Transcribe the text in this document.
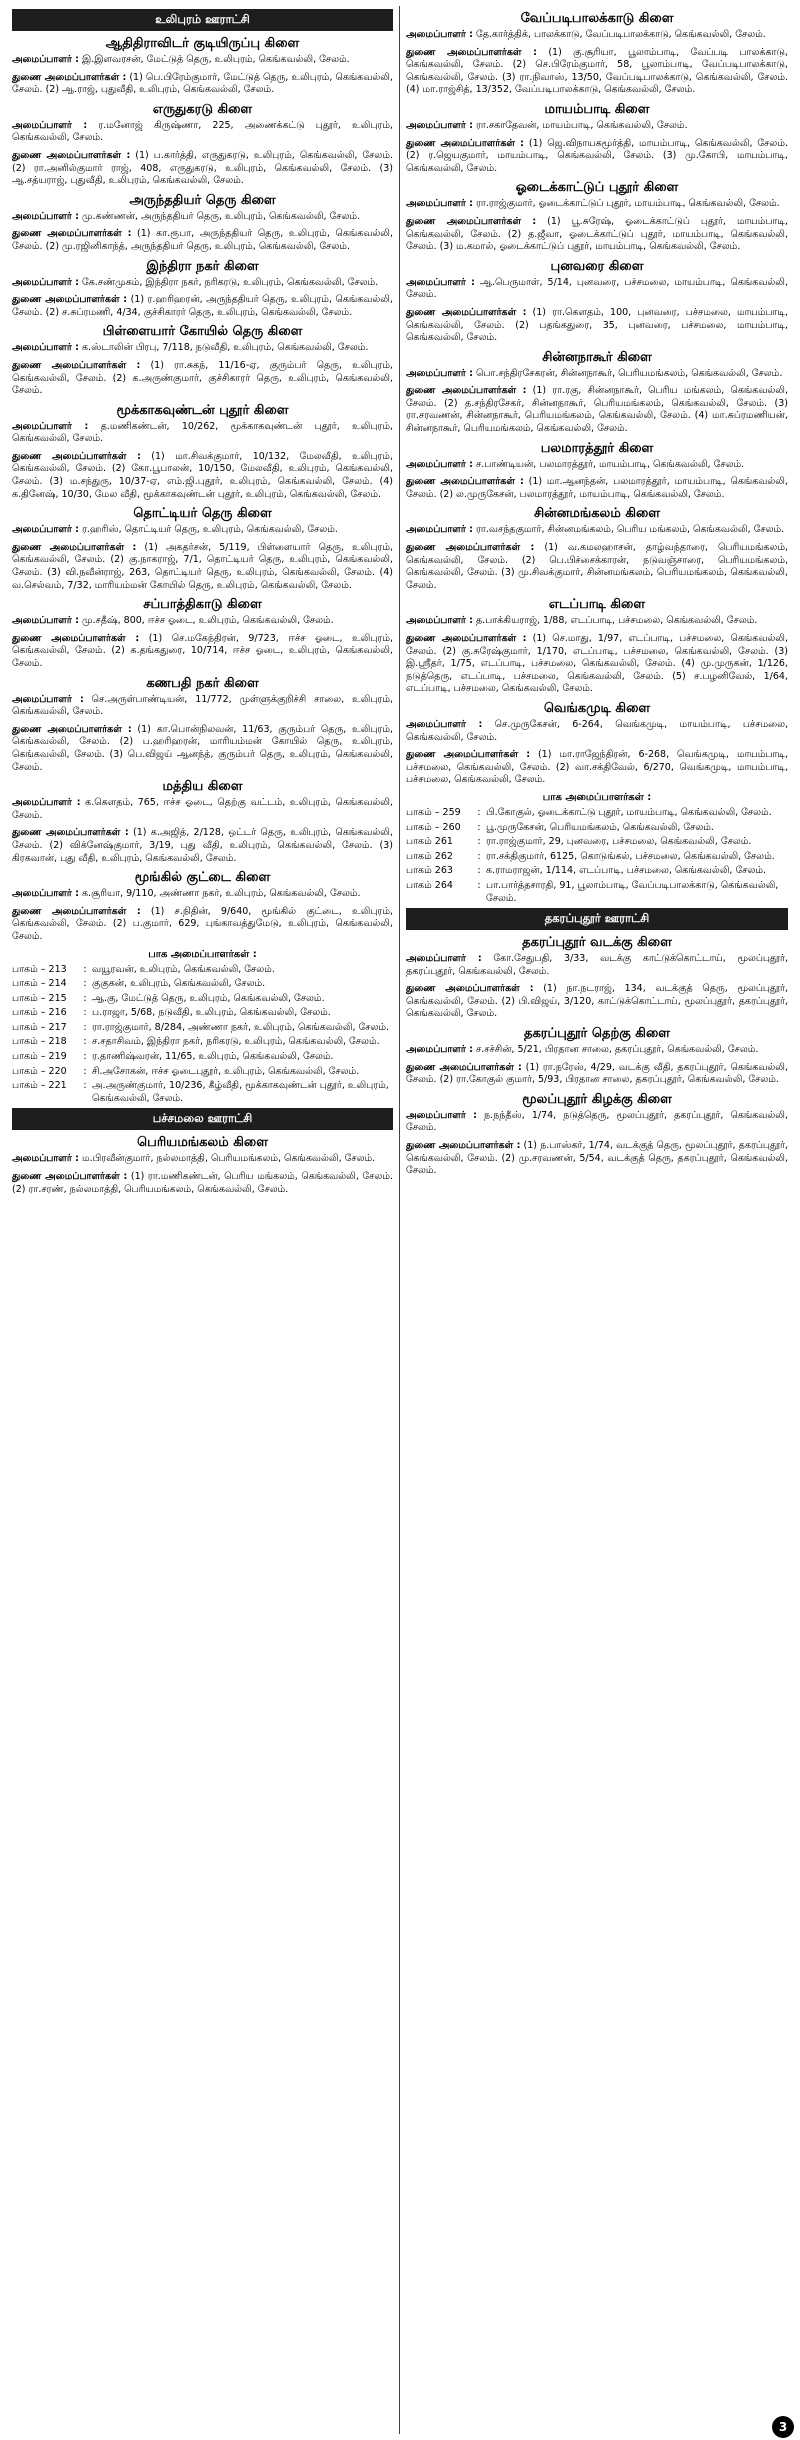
உலிபுரம் ஊராட்சி
ஆதிதிராவிடர் குடியிருப்பு கிளை

அமைப்பாளர் : இ.இளவரசன், மேட்டுத் தெரு, உலிபுரம், கெங்கவல்லி, சேலம்.

துணை அமைப்பாளர்கள் : (1) பெ.பிரேம்குமார், மேட்டுத் தெரு, உலிபுரம், கெங்கவல்லி, சேலம். (2) ஆ.ராஜ், புதுவீதி, உலிபுரம், கெங்கவல்லி, சேலம்.

எருதுகரடு கிளை

அமைப்பாளர் : ர.மனோஜ் கிருஷ்ணா, 225, அணைக்கட்டு புதூர், உலிபுரம், கெங்கவல்லி, சேலம்.

துணை அமைப்பாளர்கள் : (1) ப.கார்த்தி, எருதுகரடு, உலிபுரம், கெங்கவல்லி, சேலம். (2) ரா.அனில்குமார் ராஜ், 408, எருதுகரடு, உலிபுரம், கெங்கவல்லி, சேலம். (3) ஆ.சத்யராஜ், புதுவீதி, உலிபுரம், கெங்கவல்லி, சேலம்.

அருந்ததியர் தெரு கிளை

அமைப்பாளர் : மு.கண்ணன், அருந்ததியர் தெரு, உலிபுரம், கெங்கவல்லி, சேலம்.

துணை அமைப்பாளர்கள் : (1) கா.ரூபா, அருந்ததியர் தெரு, உலிபுரம், கெங்கவல்லி, சேலம். (2) மு.ரஜினிகாந்த், அருந்ததியர் தெரு, உலிபுரம், கெங்கவல்லி, சேலம்.

இந்திரா நகர் கிளை

அமைப்பாளர் : கே.சண்முகம், இந்திரா நகர், நரிகரடு, உலிபுரம், கெங்கவல்லி, சேலம்.

துணை அமைப்பாளர்கள் : (1) ர.ஹரிஹரன், அருந்ததியர் தெரு, உலிபுரம், கெங்கவல்லி, சேலம். (2) ச.சுப்ரமணி, 4/34, குச்சிகாரர் தெரு, உலிபுரம், கெங்கவல்லி, சேலம்.

பிள்ளையார் கோயில் தெரு கிளை

அமைப்பாளர் : க.ஸ்டாலின் பிரபு, 7/118, நடுவீதி, உலிபுரம், கெங்கவல்லி, சேலம்.

துணை அமைப்பாளர்கள் : (1) ரா.சுகந், 11/16-ஏ, குரும்பர் தெரு, உலிபுரம், கெங்கவல்லி, சேலம். (2) க.அருண்குமார், குச்சிகாரர் தெரு, உலிபுரம், கெங்கவல்லி, சேலம்.

மூக்காகவுண்டன் புதூர் கிளை

அமைப்பாளர் : த.மணிகண்டன், 10/262, மூக்காகவுண்டன் புதூர், உலிபுரம், கெங்கவல்லி, சேலம்.

துணை அமைப்பாளர்கள் : (1) மா.சிவக்குமார், 10/132, மேலவீதி, உலிபுரம், கெங்கவல்லி, சேலம். (2) கோ.பூபாலன், 10/150, மேலவீதி, உலிபுரம், கெங்கவல்லி, சேலம். (3) ம.சந்துரு, 10/37-ஏ, எம்.ஜி.புதூர், உலிபுரம், கெங்கவல்லி, சேலம். (4) க.தினேஷ், 10/30, மேல வீதி, மூக்காகவுண்டன் புதூர், உலிபுரம், கெங்கவல்லி, சேலம்.

தொட்டியர் தெரு கிளை

அமைப்பாளர் : ர.ஹரிஸ், தொட்டியர் தெரு, உலிபுரம், கெங்கவல்லி, சேலம்.

துணை அமைப்பாளர்கள் : (1) அகதர்சன், 5/119, பிள்ளையார் தெரு, உலிபுரம், கெங்கவல்லி, சேலம். (2) கு.நாகராஜ், 7/1, தொட்டியர் தெரு, உலிபுரம், கெங்கவல்லி, சேலம். (3) வி.நவீன்ராஜ், 263, தொட்டியர் தெரு, உலிபுரம், கெங்கவல்லி, சேலம். (4) வ.செல்வம், 7/32, மாரியம்மன் கோயில் தெரு, உலிபுரம், கெங்கவல்லி, சேலம்.

சப்பாத்திகாடு கிளை

அமைப்பாளர் : மு.சதீஷ், 800, ஈச்ச ஓடை, உலிபுரம், கெங்கவல்லி, சேலம்.

துணை அமைப்பாளர்கள் : (1) செ.மகேந்திரன், 9/723, ஈச்ச ஓடை, உலிபுரம், கெங்கவல்லி, சேலம். (2) க.தங்கதுரை, 10/714, ஈச்ச ஓடை, உலிபுரம், கெங்கவல்லி, சேலம்.

கணபதி நகர் கிளை

அமைப்பாளர் : செ.அருள்பாண்டியன், 11/772, முள்ளுக்குறிச்சி சாலை, உலிபுரம், கெங்கவல்லி, சேலம்.

துணை அமைப்பாளர்கள் : (1) கா.பொன்நிலவன், 11/63, குரும்பர் தெரு, உலிபுரம், கெங்கவல்லி, சேலம். (2) ப.ஹரிஹரன், மாரியம்மன் கோயில் தெரு, உலிபுரம், கெங்கவல்லி, சேலம். (3) பெ.விஜய் ஆனந்த், குரும்பர் தெரு, உலிபுரம், கெங்கவல்லி, சேலம்.

மத்திய கிளை

அமைப்பாளர் : க.கௌதம், 765, ஈச்ச ஓடை, தெற்கு வட்டம், உலிபுரம், கெங்கவல்லி, சேலம்.

துணை அமைப்பாளர்கள் : (1) க.அஜித், 2/128, ஒட்டர் தெரு, உலிபுரம், கெங்கவல்லி, சேலம். (2) விக்னேஷ்குமார், 3/19, புது வீதி, உலிபுரம், கெங்கவல்லி, சேலம். (3) கிரகவான், புது வீதி, உலிபுரம், கெங்கவல்லி, சேலம்.

மூங்கில் குட்டை கிளை

அமைப்பாளர் : க.சூரியா, 9/110, அண்ணா நகர், உலிபுரம், கெங்கவல்லி, சேலம்.

துணை அமைப்பாளர்கள் : (1) ச.நிதின், 9/640, மூங்கில் குட்டை, உலிபுரம், கெங்கவல்லி, சேலம். (2) ப.குமார், 629, புங்காவத்துமேடு, உலிபுரம், கெங்கவல்லி, சேலம்.

பாக அமைப்பாளர்கள் :
பாகம் – 213	: வயூரவன், உலிபுரம், கெங்கவல்லி, சேலம்.
பாகம் – 214	: குகுகன், உலிபுரம், கெங்கவல்லி, சேலம்.
பாகம் – 215	: ஆ.கு, மேட்டுத் தெரு, உலிபுரம், கெங்கவல்லி, சேலம்.
பாகம் – 216	: ப.ராஜா, 5/68, நடுவீதி, உலிபுரம், கெங்கவல்லி, சேலம்.
பாகம் – 217	: ரா.ராஜ்குமார், 8/284, அண்ணா நகர், உலிபுரம், கெங்கவல்லி, சேலம்.
பாகம் – 218	: ச.சதாசிவம், இந்திரா நகர், நரிகரடு, உலிபுரம், கெங்கவல்லி, சேலம்.
பாகம் – 219	: ர.தாணிஷ்வரன், 11/65, உலிபுரம், கெங்கவல்லி, சேலம்.
பாகம் – 220	: சி.அசோகன், ஈச்ச ஓடைபுதூர், உலிபுரம், கெங்கவல்லி, சேலம்.
பாகம் – 221	: அ.அருண்குமார், 10/236, கீழ்வீதி, மூக்காகவுண்டன் புதூர், உலிபுரம், கெங்கவல்லி, சேலம்.
பச்சமலை ஊராட்சி
பெரியமங்கலம் கிளை

அமைப்பாளர் : ம.பிரவீன்குமார், நல்லமாத்தி, பெரியமங்கலம், கெங்கவல்லி, சேலம்.

துணை அமைப்பாளர்கள் : (1) ரா.மணிகண்டன், பெரிய மங்கலம், கெங்கவல்லி, சேலம். (2) ரா.சரண், நல்லமாத்தி, பெரியமங்கலம், கெங்கவல்லி, சேலம்.

வேப்படிபாலக்காடு கிளை

அமைப்பாளர் : தே.கார்த்திக், பாலக்காடு, வேப்படிபாலக்காடு, கெங்கவல்லி, சேலம்.

துணை அமைப்பாளர்கள் : (1) கு.சூரியா, பூலாம்பாடி, வேப்படி பாலக்காடு, கெங்கவல்லி, சேலம். (2) செ.பிரேம்குமார், 58, பூலாம்பாடி, வேப்படிபாலக்காடு, கெங்கவல்லி, சேலம். (3) ரா.நிவாஸ், 13/50, வேப்படிபாலக்காடு, கெங்கவல்லி, சேலம். (4) மா.ராஜ்சித், 13/352, வேப்படிபாலக்காடு, கெங்கவல்லி, சேலம்.

மாயம்பாடி கிளை

அமைப்பாளர் : ரா.சகாதேவன், மாயம்பாடி, கெங்கவல்லி, சேலம்.

துணை அமைப்பாளர்கள் : (1) ஜெ.விநாயகமூர்த்தி, மாயம்பாடி, கெங்கவல்லி, சேலம். (2) ர.ஜெயகுமார், மாயம்பாடி, கெங்கவல்லி, சேலம். (3) மு.கோபி, மாயம்பாடி, கெங்கவல்லி, சேலம்.

ஓடைக்காட்டுப் புதூர் கிளை

அமைப்பாளர் : ரா.ராஜ்குமார், ஓடைக்காட்டுப் புதூர், மாயம்பாடி, கெங்கவல்லி, சேலம்.

துணை அமைப்பாளர்கள் : (1) பூ.சுரேஷ், ஓடைக்காட்டுப் புதூர், மாயம்பாடி, கெங்கவல்லி, சேலம். (2) த.ஜீவா, ஓடைக்காட்டுப் புதூர், மாயம்பாடி, கெங்கவல்லி, சேலம். (3) ம.கமால், ஓடைக்காட்டுப் புதூர், மாயம்பாடி, கெங்கவல்லி, சேலம்.

புனவரை கிளை

அமைப்பாளர் : ஆ.பெருமாள், 5/14, புனவரை, பச்சமலை, மாயம்பாடி, கெங்கவல்லி, சேலம்.

துணை அமைப்பாளர்கள் : (1) ரா.கௌதம், 100, புனவரை, பச்சமலை, மாயம்பாடி, கெங்கவல்லி, சேலம். (2) பதங்கதுரை, 35, புனவரை, பச்சமலை, மாயம்பாடி, கெங்கவல்லி, சேலம்.

சின்னநாகூர் கிளை

அமைப்பாளர் : பொ.சந்திரசேகரன், சின்னநாகூர், பெரியமங்கலம், கெங்கவல்லி, சேலம்.

துணை அமைப்பாளர்கள் : (1) ரா.ரகு, சின்னநாகூர், பெரிய மங்கலம், கெங்கவல்லி, சேலம். (2) த.சந்திரசேகர், சின்னநாகூர், பெரியமங்கலம், கெங்கவல்லி, சேலம். (3) ரா.சரவணன், சின்னநாகூர், பெரியமங்கலம், கெங்கவல்லி, சேலம். (4) மா.சுப்ரமணியன், சின்னநாகூர், பெரியமங்கலம், கெங்கவல்லி, சேலம்.

பலமாரத்தூர் கிளை

அமைப்பாளர் : ச.பாண்டியன், பலமாரத்தூர், மாயம்பாடி, கெங்கவல்லி, சேலம்.

துணை அமைப்பாளர்கள் : (1) மா.ஆனந்தன், பலமாரத்தூர், மாயம்பாடி, கெங்கவல்லி, சேலம். (2) ல.முருகேசன், பலமாரத்தூர், மாயம்பாடி, கெங்கவல்லி, சேலம்.

சின்னமங்கலம் கிளை

அமைப்பாளர் : ரா.வசந்தகுமார், சின்னமங்கலம், பெரிய மங்கலம், கெங்கவல்லி, சேலம்.

துணை அமைப்பாளர்கள் : (1) வ.கமலஹாசன், தாழ்வந்தாரை, பெரியமங்கலம், கெங்கவல்லி, சேலம். (2) பெ.பிச்சைக்காரன், நடுவஞ்சாரை, பெரியமங்கலம், கெங்கவல்லி, சேலம். (3) மு.சிவக்குமார், சின்னமங்கலம், பெரியமங்கலம், கெங்கவல்லி, சேலம்.

எடப்பாடி கிளை

அமைப்பாளர் : த.பாக்கியராஜ், 1/88, எடப்பாடி, பச்சமலை, கெங்கவல்லி, சேலம்.

துணை அமைப்பாளர்கள் : (1) செ.மாது, 1/97, எடப்பாடி, பச்சமலை, கெங்கவல்லி, சேலம். (2) கு.சுரேஷ்குமார், 1/170, எடப்பாடி, பச்சமலை, கெங்கவல்லி, சேலம். (3) இ.ஸ்ரீதர், 1/75, எடப்பாடி, பச்சமலை, கெங்கவல்லி, சேலம். (4) மு.முருகன், 1/126, நடுத்தெரு, எடப்பாடி, பச்சமலை, கெங்கவல்லி, சேலம். (5) ச.பழனிவேல், 1/64, எடப்பாடி, பச்சமலை, கெங்கவல்லி, சேலம்.

வெங்கமுடி கிளை

அமைப்பாளர் : செ.முருகேசன், 6-264, வெங்கமுடி, மாயம்பாடி, பச்சமலை, கெங்கவல்லி, சேலம்.

துணை அமைப்பாளர்கள் : (1) மா.ராஜேந்திரன், 6-268, வெங்கமுடி, மாயம்பாடி, பச்சமலை, கெங்கவல்லி, சேலம். (2) வா.சக்திவேல், 6/270, வெங்கமுடி, மாயம்பாடி, பச்சமலை, கெங்கவல்லி, சேலம்.

பாக அமைப்பாளர்கள் :
பாகம் – 259	: பி.கோகுல், ஓடைக்காட்டு புதூர், மாயம்பாடி, கெங்கவல்லி, சேலம்.
பாகம் – 260	: பூ.முருகேசன், பெரியமங்கலம், கெங்கவல்லி, சேலம்.
பாகம் 261	: ரா.ராஜ்குமார், 29, புனவரை, பச்சமலை, கெங்கவல்லி, சேலம்.
பாகம் 262	: ரா.சக்திகுமார், 6125, கொடுங்கல், பச்சமலை, கெங்கவல்லி, சேலம்.
பாகம் 263	: க.ராமராஜன், 1/114, எடப்பாடி, பச்சமலை, கெங்கவல்லி, சேலம்.
பாகம் 264	: பா.பார்த்தசாரதி, 91, பூலாம்பாடி, வேப்படிபாலக்காடு, கெங்கவல்லி, சேலம்.
தகரப்புதூர் ஊராட்சி
தகரப்புதூர் வடக்கு கிளை

அமைப்பாளர் : கோ.சேதுபதி, 3/33, வடக்கு காட்டுக்கொட்டாய், மூலப்புதூர், தகரப்புதூர், கெங்கவல்லி, சேலம்.

துணை அமைப்பாளர்கள் : (1) நா.நடராஜ், 134, வடக்குத் தெரு, மூலப்புதூர், கெங்கவல்லி, சேலம். (2) பி.விஜய், 3/120, காட்டுக்கொட்டாய், மூலப்புதூர், தகரப்புதூர், கெங்கவல்லி, சேலம்.

தகரப்புதூர் தெற்கு கிளை

அமைப்பாளர் : ச.சச்சின், 5/21, பிரதான சாலை, தகரப்புதூர், கெங்கவல்லி, சேலம்.

துணை அமைப்பாளர்கள் : (1) ரா.நரேஸ், 4/29, வடக்கு வீதி, தகரப்புதூர், கெங்கவல்லி, சேலம். (2) ரா.கோகுல் குமார், 5/93, பிரதான சாலை, தகரப்புதூர், கெங்கவல்லி, சேலம்.

மூலப்புதூர் கிழக்கு கிளை

அமைப்பாளர் : ந.நந்தீஸ், 1/74, நடுத்தெரு, மூலப்புதூர், தகரப்புதூர், கெங்கவல்லி, சேலம்.

துணை அமைப்பாளர்கள் : (1) ந.பாஸ்கர், 1/74, வடக்குத் தெரு, மூலப்புதூர், தகரப்புதூர், கெங்கவல்லி, சேலம். (2) மு.சரவணன், 5/54, வடக்குத் தெரு, தகரப்புதூர், கெங்கவல்லி, சேலம்.

3
